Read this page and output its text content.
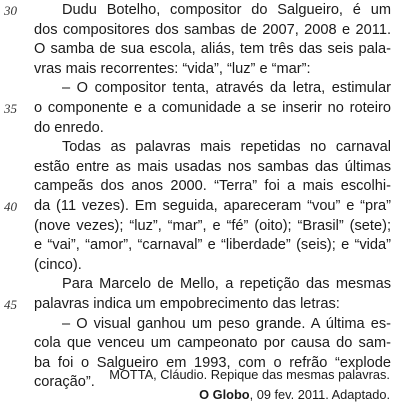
30	Dudu Botelho, compositor do Salgueiro, é um
dos compositores dos sambas de 2007, 2008 e 2011.
O samba de sua escola, aliás, tem três das seis pala-
vras mais recorrentes: “vida”, “luz” e “mar”:
– O compositor tenta, através da letra, estimular
35 o componente e a comunidade a se inserir no roteiro
do enredo.
Todas as palavras mais repetidas no carnaval
estão entre as mais usadas nos sambas das últimas
campeãs dos anos 2000. “Terra” foi a mais escolhi-
40 da (11 vezes). Em seguida, apareceram “vou” e “pra”
(nove vezes); “luz”, “mar”, e “fé” (oito); “Brasil” (sete);
e “vai”, “amor”, “carnaval” e “liberdade” (seis); e “vida”
(cinco).
Para Marcelo de Mello, a repetição das mesmas
45 palavras indica um empobrecimento das letras:
– O visual ganhou um peso grande. A última es-
cola que venceu um campeonato por causa do sam-
ba foi o Salgueiro em 1993, com o refrão “explode
coração”.	MOTTA, Cláudio. Repique das mesmas palavras.
O Globo, 09 fev. 2011. Adaptado.
